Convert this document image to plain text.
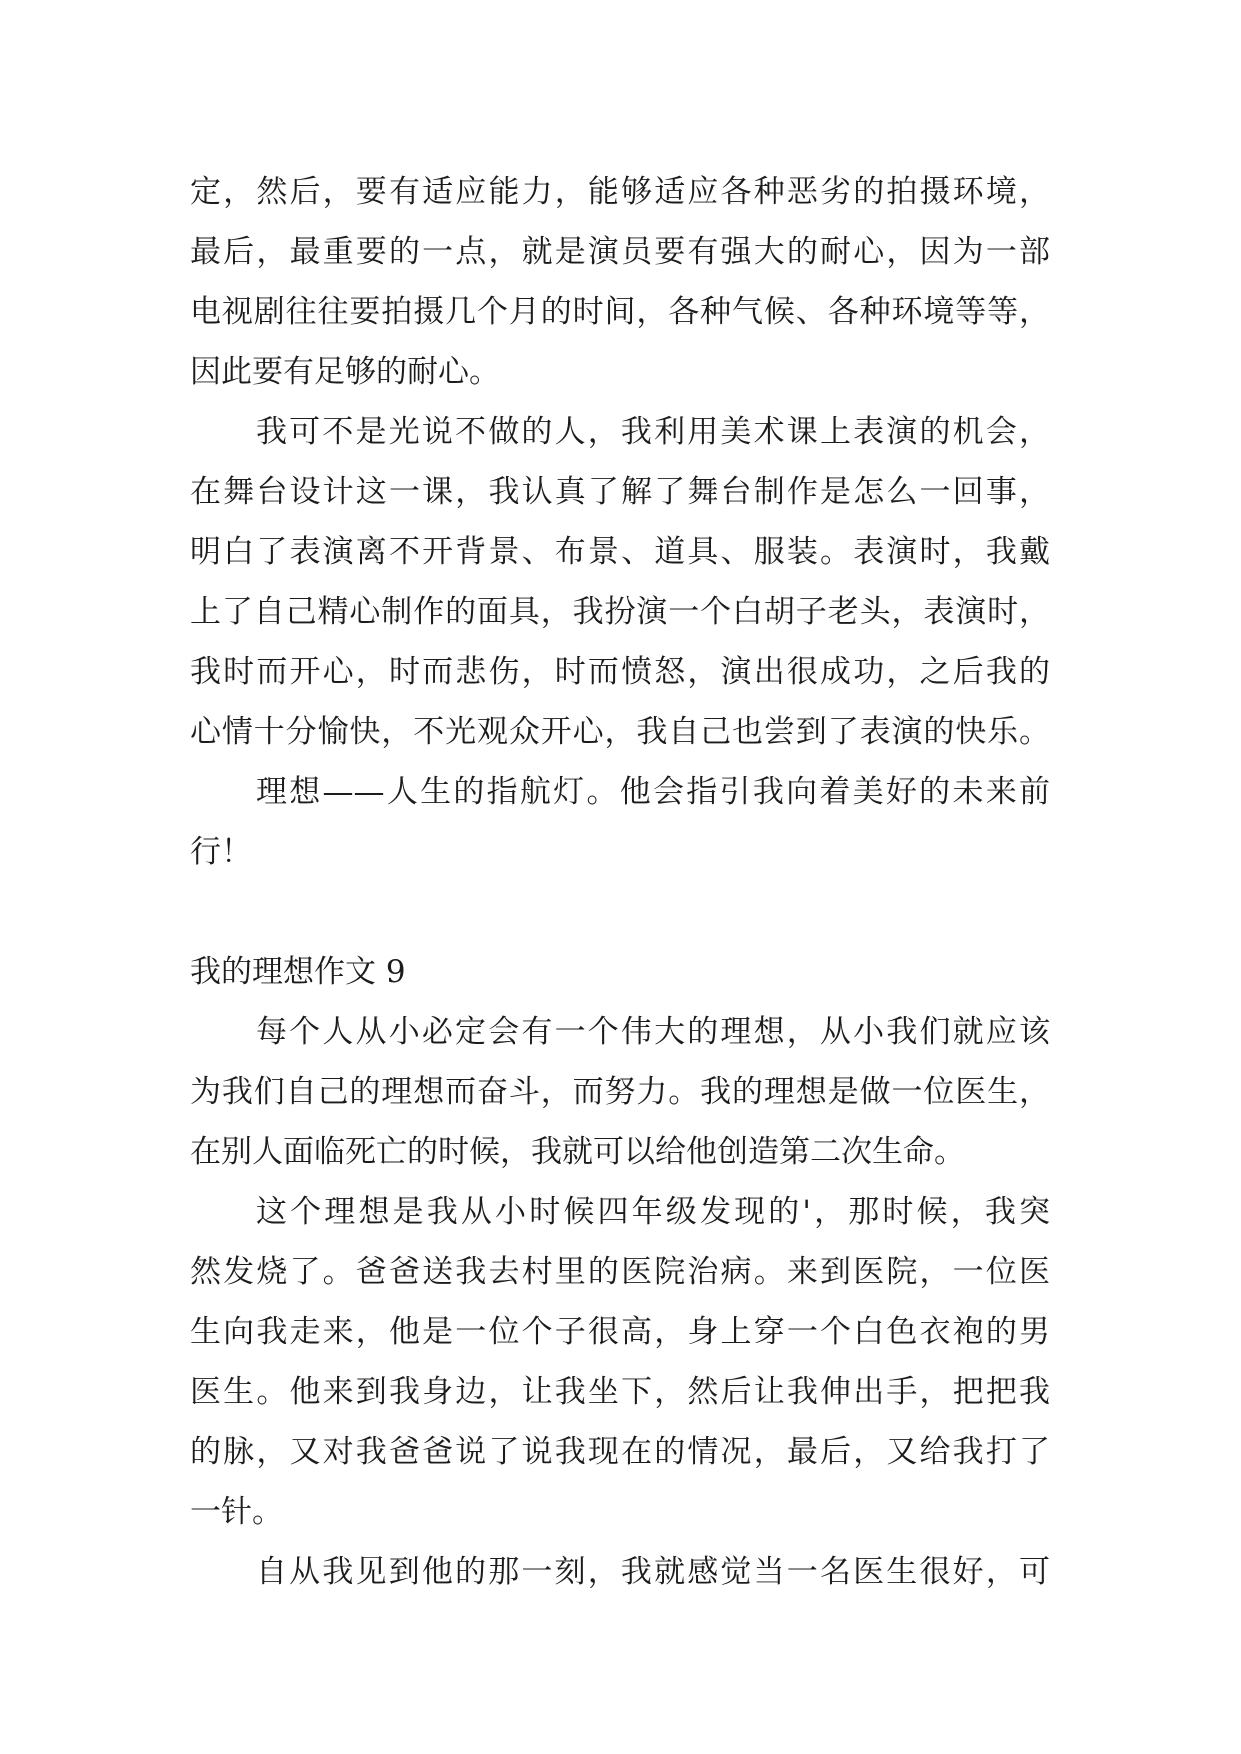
定，然后，要有适应能力，能够适应各种恶劣的拍摄环境，
最后，最重要的一点，就是演员要有强大的耐心，因为一部
电视剧往往要拍摄几个月的时间，各种气候、各种环境等等，
因此要有足够的耐心。
我可不是光说不做的人，我利用美术课上表演的机会，
在舞台设计这一课，我认真了解了舞台制作是怎么一回事，
明白了表演离不开背景、布景、道具、服装。表演时，我戴
上了自己精心制作的面具，我扮演一个白胡子老头，表演时，
我时而开心，时而悲伤，时而愤怒，演出很成功，之后我的
心情十分愉快，不光观众开心，我自己也尝到了表演的快乐。
理想——人生的指航灯。他会指引我向着美好的未来前
行！
我的理想作文 9
每个人从小必定会有一个伟大的理想，从小我们就应该
为我们自己的理想而奋斗，而努力。我的理想是做一位医生，
在别人面临死亡的时候，我就可以给他创造第二次生命。
这个理想是我从小时候四年级发现的'，那时候，我突
然发烧了。爸爸送我去村里的医院治病。来到医院，一位医
生向我走来，他是一位个子很高，身上穿一个白色衣袍的男
医生。他来到我身边，让我坐下，然后让我伸出手，把把我
的脉，又对我爸爸说了说我现在的情况，最后，又给我打了
一针。
自从我见到他的那一刻，我就感觉当一名医生很好，可
